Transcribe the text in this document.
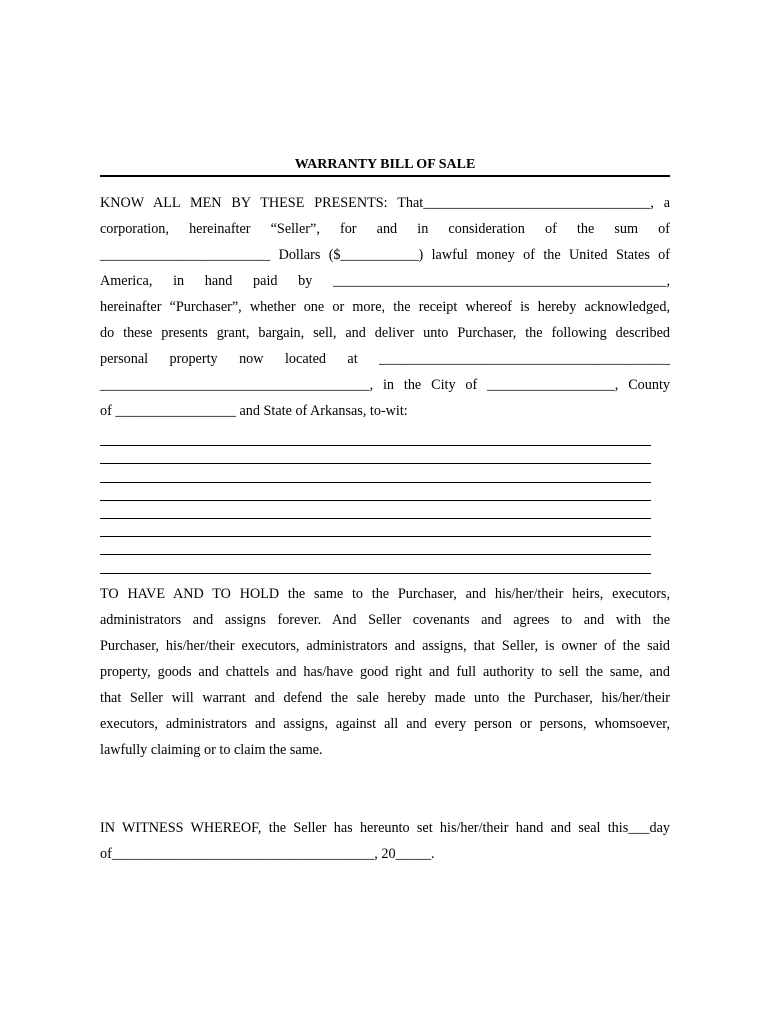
WARRANTY BILL OF SALE
KNOW ALL MEN BY THESE PRESENTS: That________________________________, a
corporation, hereinafter “Seller”, for and in consideration of the sum of
________________________ Dollars ($___________) lawful money of the United States of
America, in hand paid by _______________________________________________,
hereinafter “Purchaser”, whether one or more, the receipt whereof is hereby acknowledged,
do these presents grant, bargain, sell, and deliver unto Purchaser, the following described
personal property now located at _________________________________________
______________________________________, in the City of __________________, County
of _________________ and State of Arkansas, to-wit:
TO HAVE AND TO HOLD the same to the Purchaser, and his/her/their heirs, executors,
administrators and assigns forever. And Seller covenants and agrees to and with the
Purchaser, his/her/their executors, administrators and assigns, that Seller, is owner of the said
property, goods and chattels and has/have good right and full authority to sell the same, and
that Seller will warrant and defend the sale hereby made unto the Purchaser, his/her/their
executors, administrators and assigns, against all and every person or persons, whomsoever,
lawfully claiming or to claim the same.
IN WITNESS WHEREOF, the Seller has hereunto set his/her/their hand and seal this___day
of_____________________________________, 20_____.
